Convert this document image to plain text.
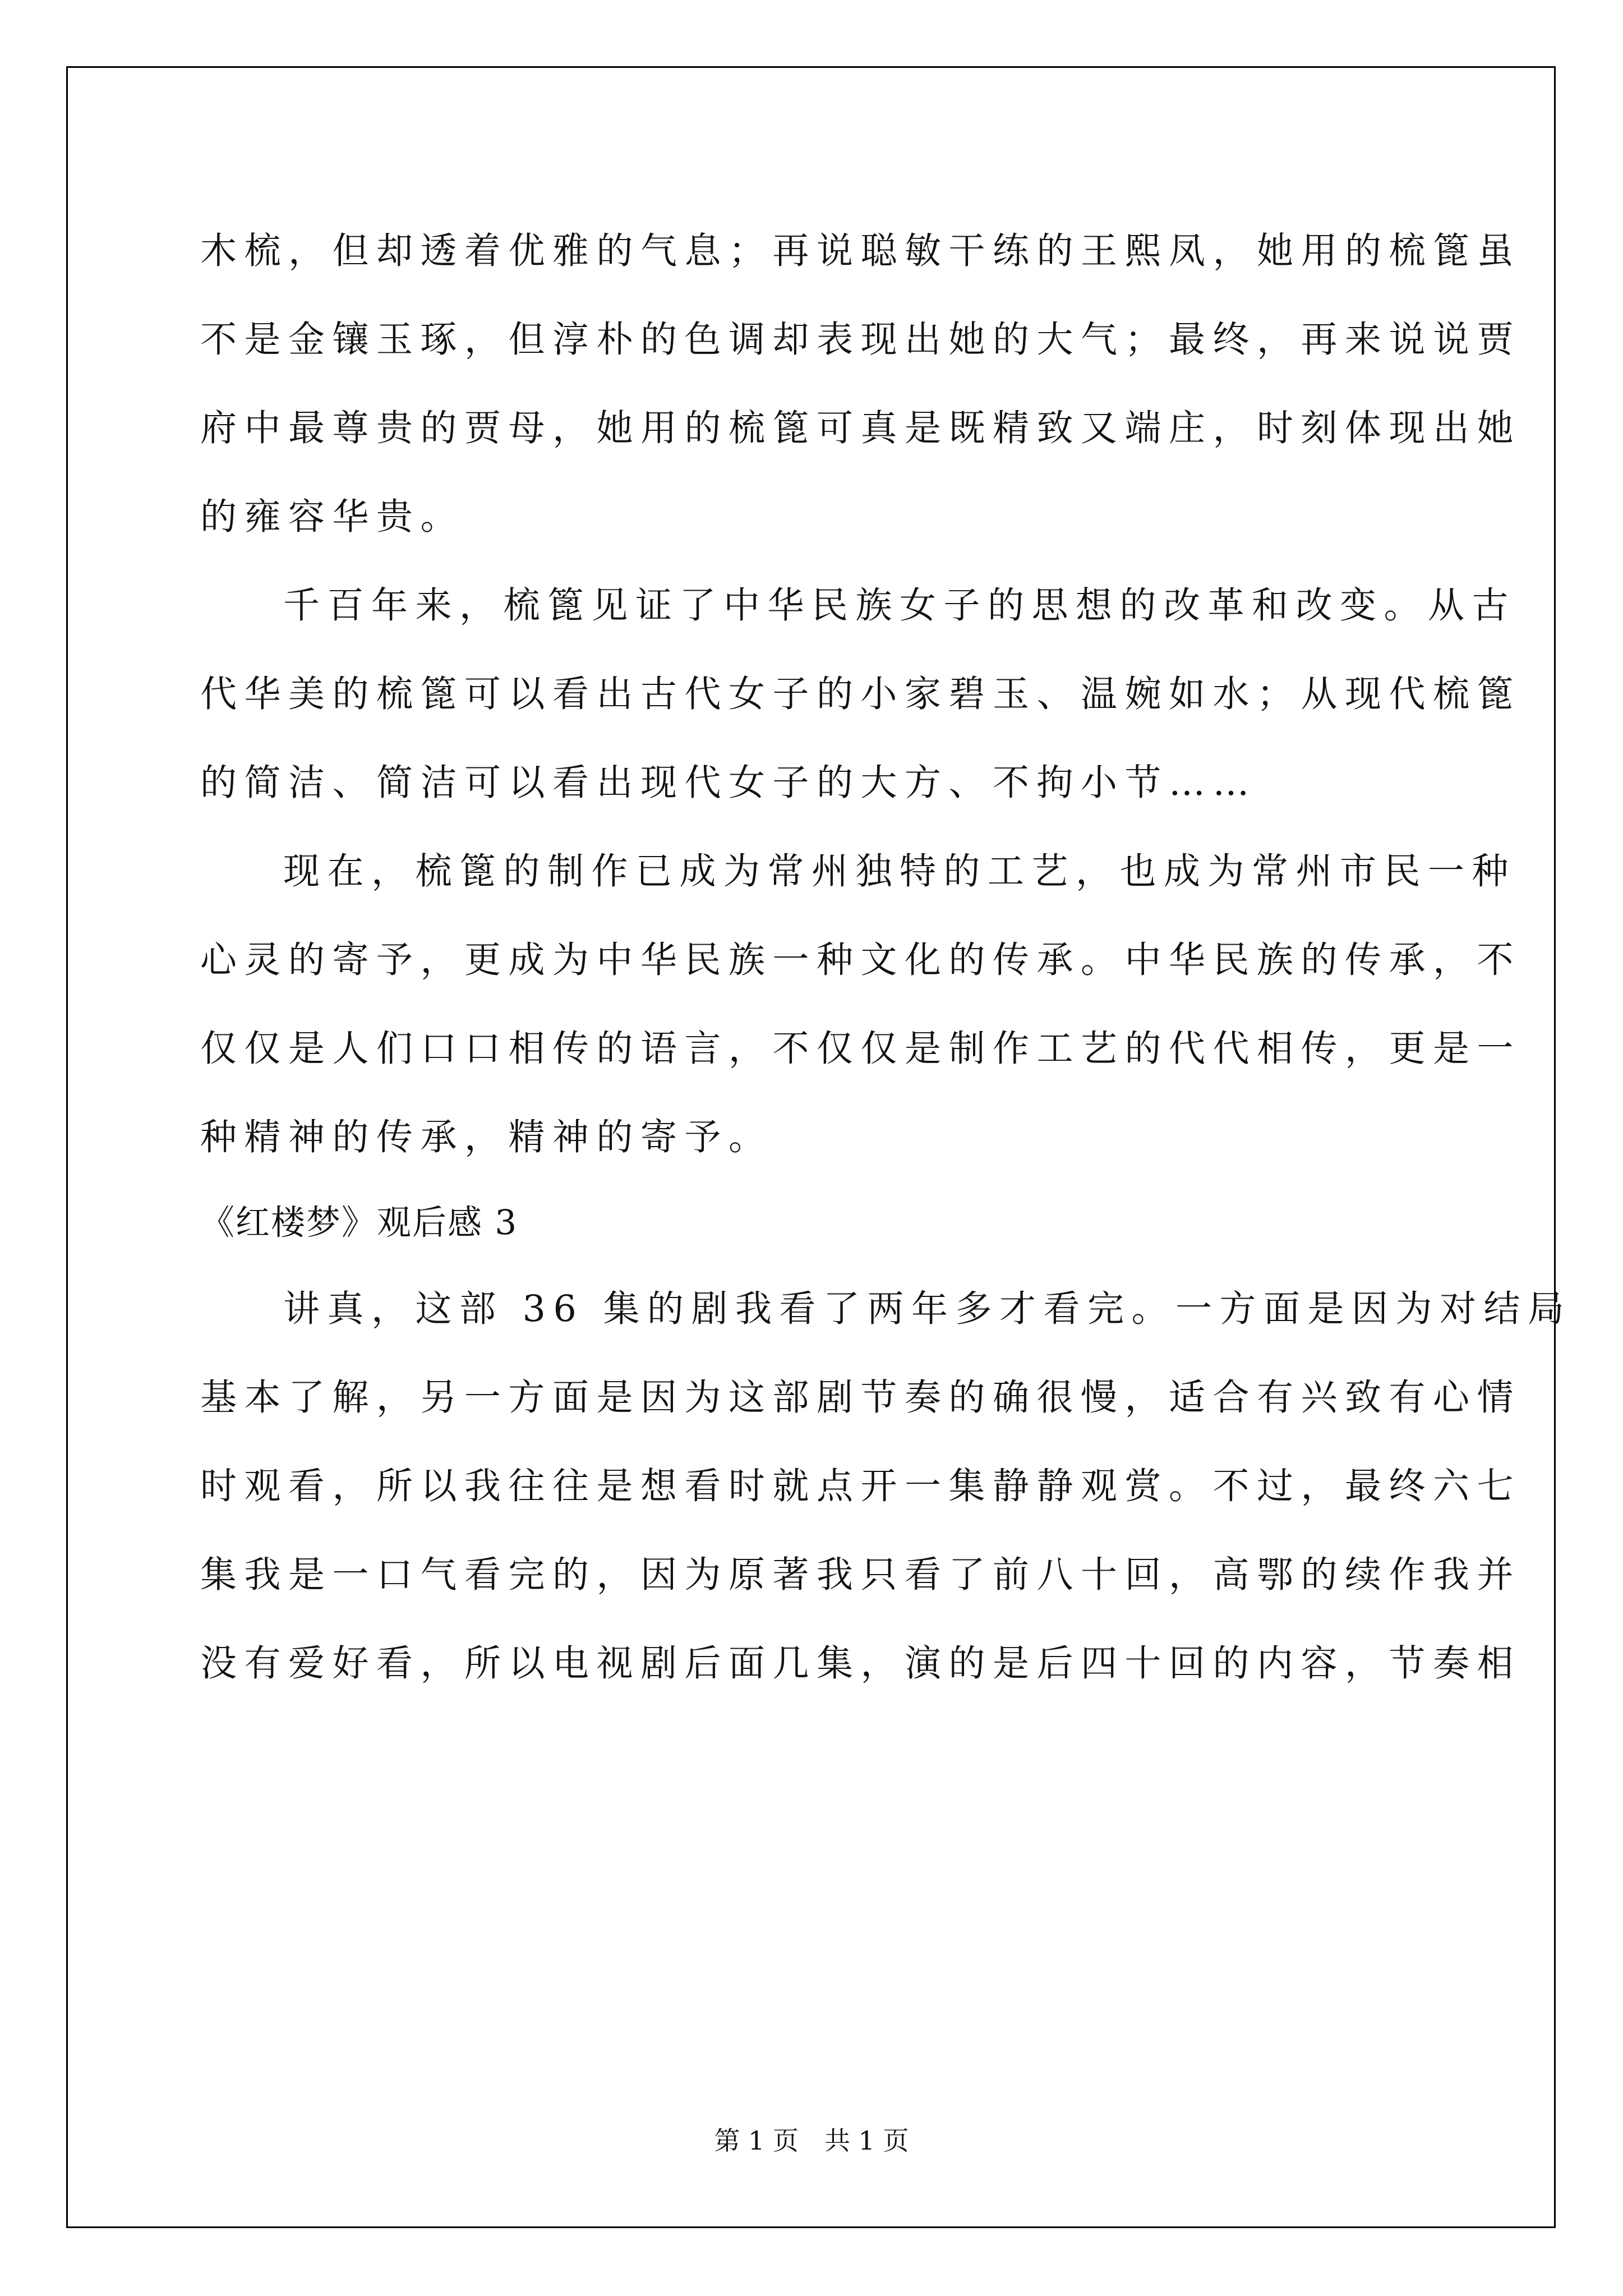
木梳，但却透着优雅的气息；再说聪敏干练的王熙凤，她用的梳篦虽
不是金镶玉琢，但淳朴的色调却表现出她的大气；最终，再来说说贾
府中最尊贵的贾母，她用的梳篦可真是既精致又端庄，时刻体现出她
的雍容华贵。
千百年来，梳篦见证了中华民族女子的思想的改革和改变。从古
代华美的梳篦可以看出古代女子的小家碧玉、温婉如水；从现代梳篦
的简洁、简洁可以看出现代女子的大方、不拘小节……
现在，梳篦的制作已成为常州独特的工艺，也成为常州市民一种
心灵的寄予，更成为中华民族一种文化的传承。中华民族的传承，不
仅仅是人们口口相传的语言，不仅仅是制作工艺的代代相传，更是一
种精神的传承，精神的寄予。
《红楼梦》观后感 3
讲真，这部 36 集的剧我看了两年多才看完。一方面是因为对结局
基本了解，另一方面是因为这部剧节奏的确很慢，适合有兴致有心情
时观看，所以我往往是想看时就点开一集静静观赏。不过，最终六七
集我是一口气看完的，因为原著我只看了前八十回，高鄂的续作我并
没有爱好看，所以电视剧后面几集，演的是后四十回的内容，节奏相
第 1 页　共 1 页
